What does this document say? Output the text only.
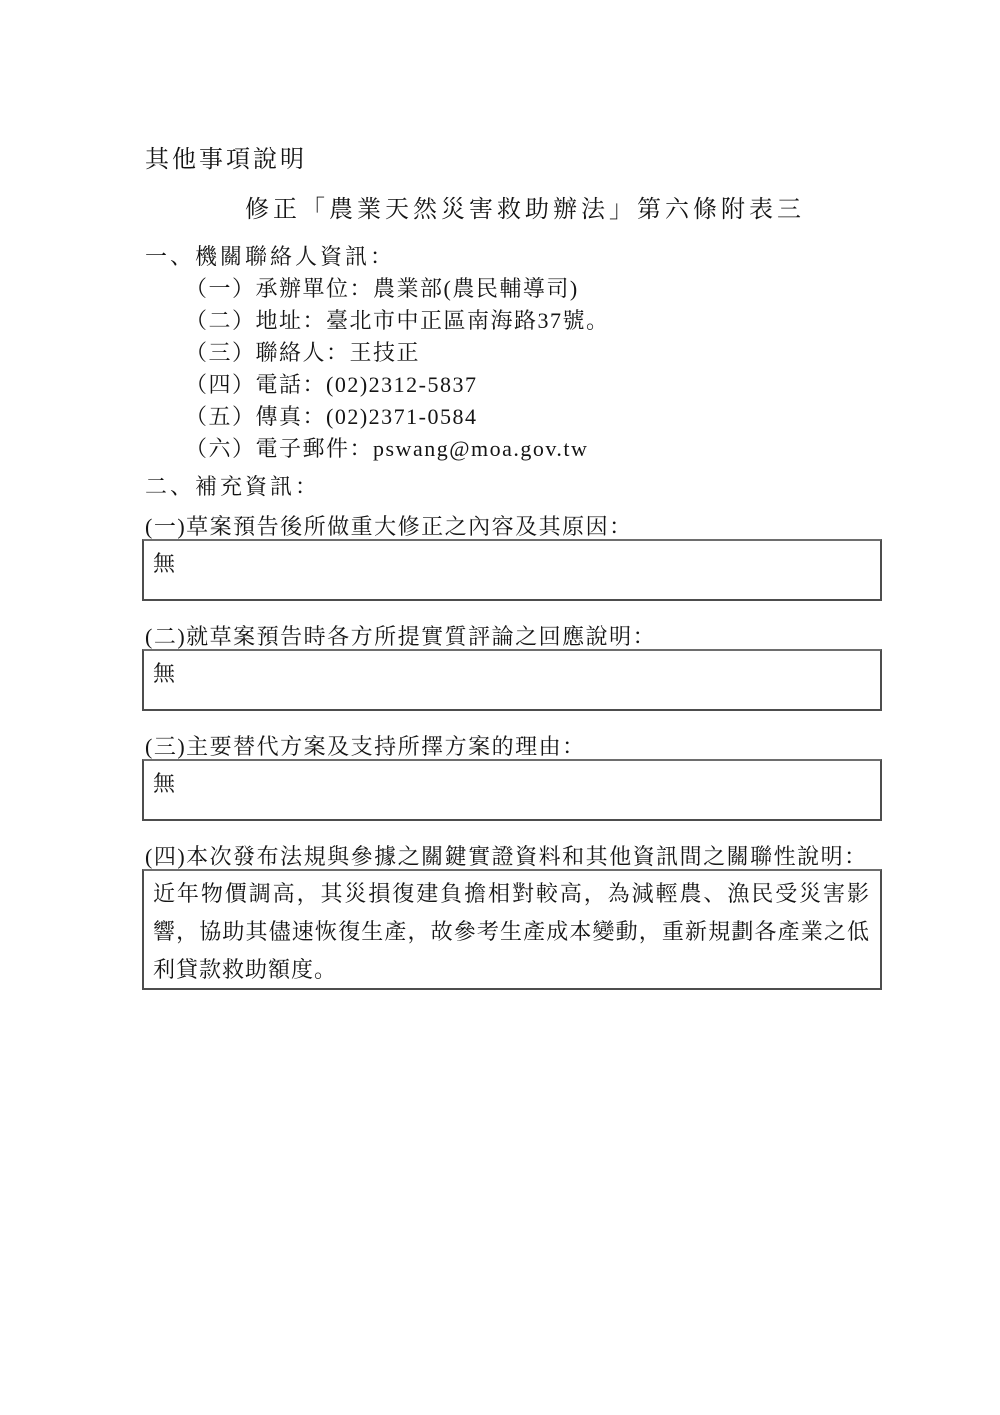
其他事項說明
修正「農業天然災害救助辦法」第六條附表三
一、機關聯絡人資訊：
（一）承辦單位：農業部(農民輔導司)
（二）地址：臺北市中正區南海路37號。
（三）聯絡人：王技正
（四）電話：(02)2312-5837
（五）傳真：(02)2371-0584
（六）電子郵件：pswang@moa.gov.tw
二、補充資訊：
(一)草案預告後所做重大修正之內容及其原因：
無
(二)就草案預告時各方所提實質評論之回應說明：
無
(三)主要替代方案及支持所擇方案的理由：
無
(四)本次發布法規與參據之關鍵實證資料和其他資訊間之關聯性說明：
近年物價調高，其災損復建負擔相對較高，為減輕農、漁民受災害影響，協助其儘速恢復生產，故參考生產成本變動，重新規劃各產業之低利貸款救助額度。
